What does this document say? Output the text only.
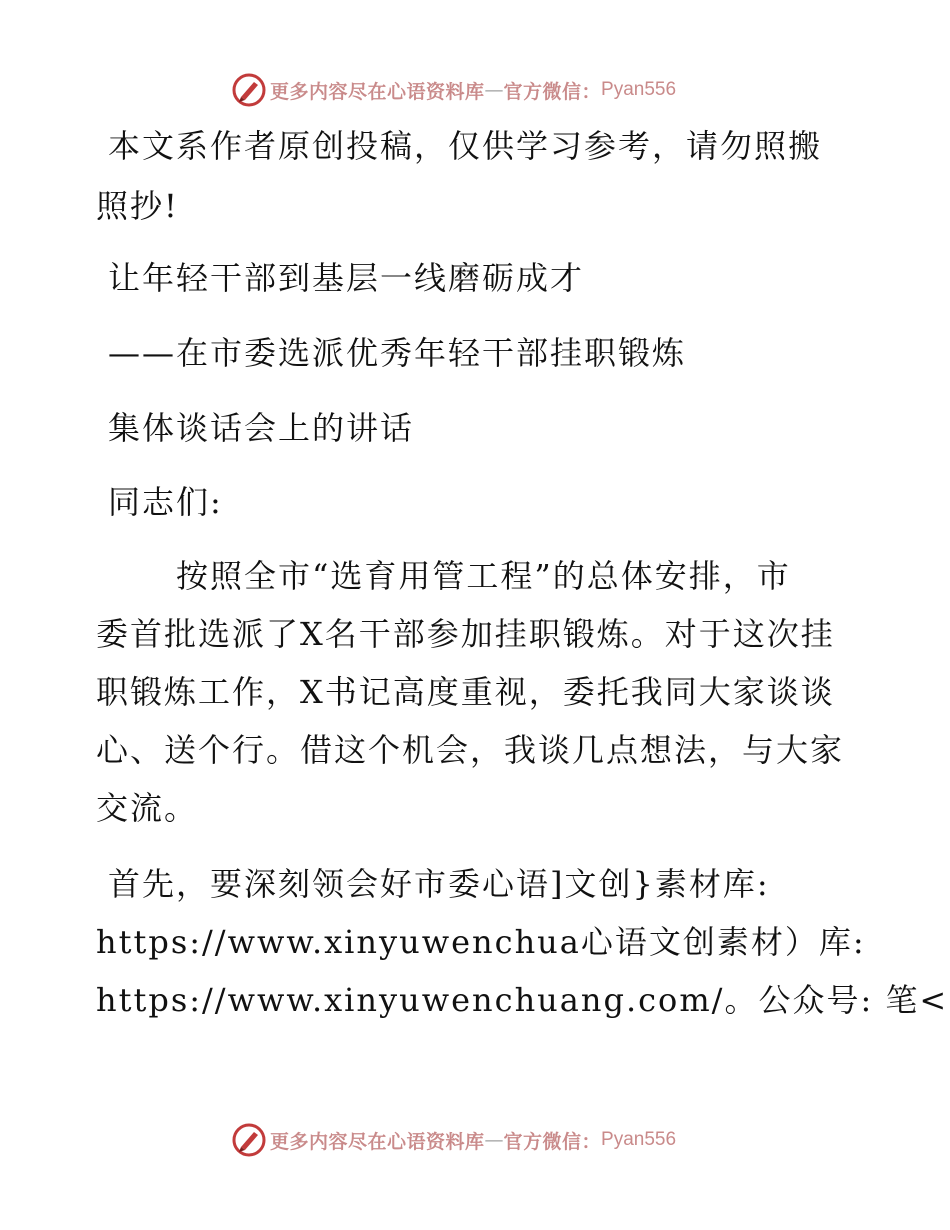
更多内容尽在心语资料库 — 官方微信： Pyan556
本文系作者原创投稿，仅供学习参考，请勿照搬
照抄!
让年轻干部到基层一线磨砺成才
——在市委选派优秀年轻干部挂职锻炼
集体谈话会上的讲话
同志们:
按照全市“选育用管工程”的总体安排，市
委首批选派了X名干部参加挂职锻炼。对于这次挂
职锻炼工作，X书记高度重视，委托我同大家谈谈
心、送个行。借这个机会，我谈几点想法，与大家
交流。
首先，要深刻领会好市委心语]文创}素材库:
https://www.xinyuwenchua心语文创素材）库:
https://www.xinyuwenchuang.com/。公众号: 笔<
更多内容尽在心语资料库 — 官方微信： Pyan556
